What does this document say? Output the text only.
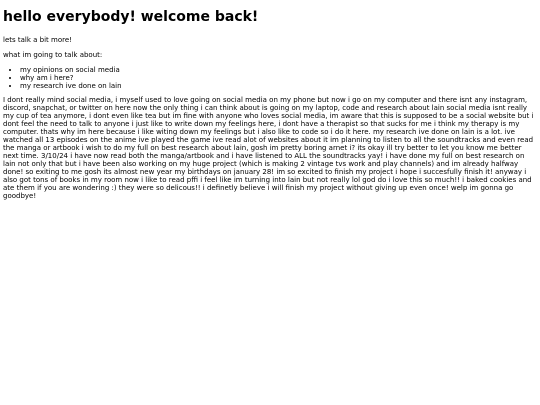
hello everybody! welcome back!

lets talk a bit more!

what im going to talk about:

• my opinions on social media
• why am i here?
• my research ive done on lain

I dont really mind social media, i myself used to love going on social media on my phone but now i go on my computer and there isnt any instagram, discord, snapchat, or twitter on here now the only thing i can think about is going on my laptop, code and research about lain social media isnt really my cup of tea anymore, i dont even like tea but im fine with anyone who loves social media, im aware that this is supposed to be a social website but i dont feel the need to talk to anyone i just like to write down my feelings here, i dont have a therapist so that sucks for me i think my therapy is my computer. thats why im here because i like witing down my feelings but i also like to code so i do it here. my research ive done on lain is a lot. ive watched all 13 episodes on the anime ive played the game ive read alot of websites about it im planning to listen to all the soundtracks and even read the manga or artbook i wish to do my full on best research about lain, gosh im pretty boring arnet i? its okay ill try better to let you know me better next time. 3/10/24 i have now read both the manga/artbook and i have listened to ALL the soundtracks yay! i have done my full on best research on lain not only that but i have been also working on my huge project (which is making 2 vintage tvs work and play channels) and im already halfway done! so exiting to me gosh its almost new year my birthdays on january 28! im so excited to finish my project i hope i succesfully finish it! anyway i also got tons of books in my room now i like to read pffi i feel like im turning into lain but not really lol god do i love this so much!! i baked cookies and ate them if you are wondering :) they were so delicous!! i definetly believe i will finish my project without giving up even once! welp im gonna go goodbye!
